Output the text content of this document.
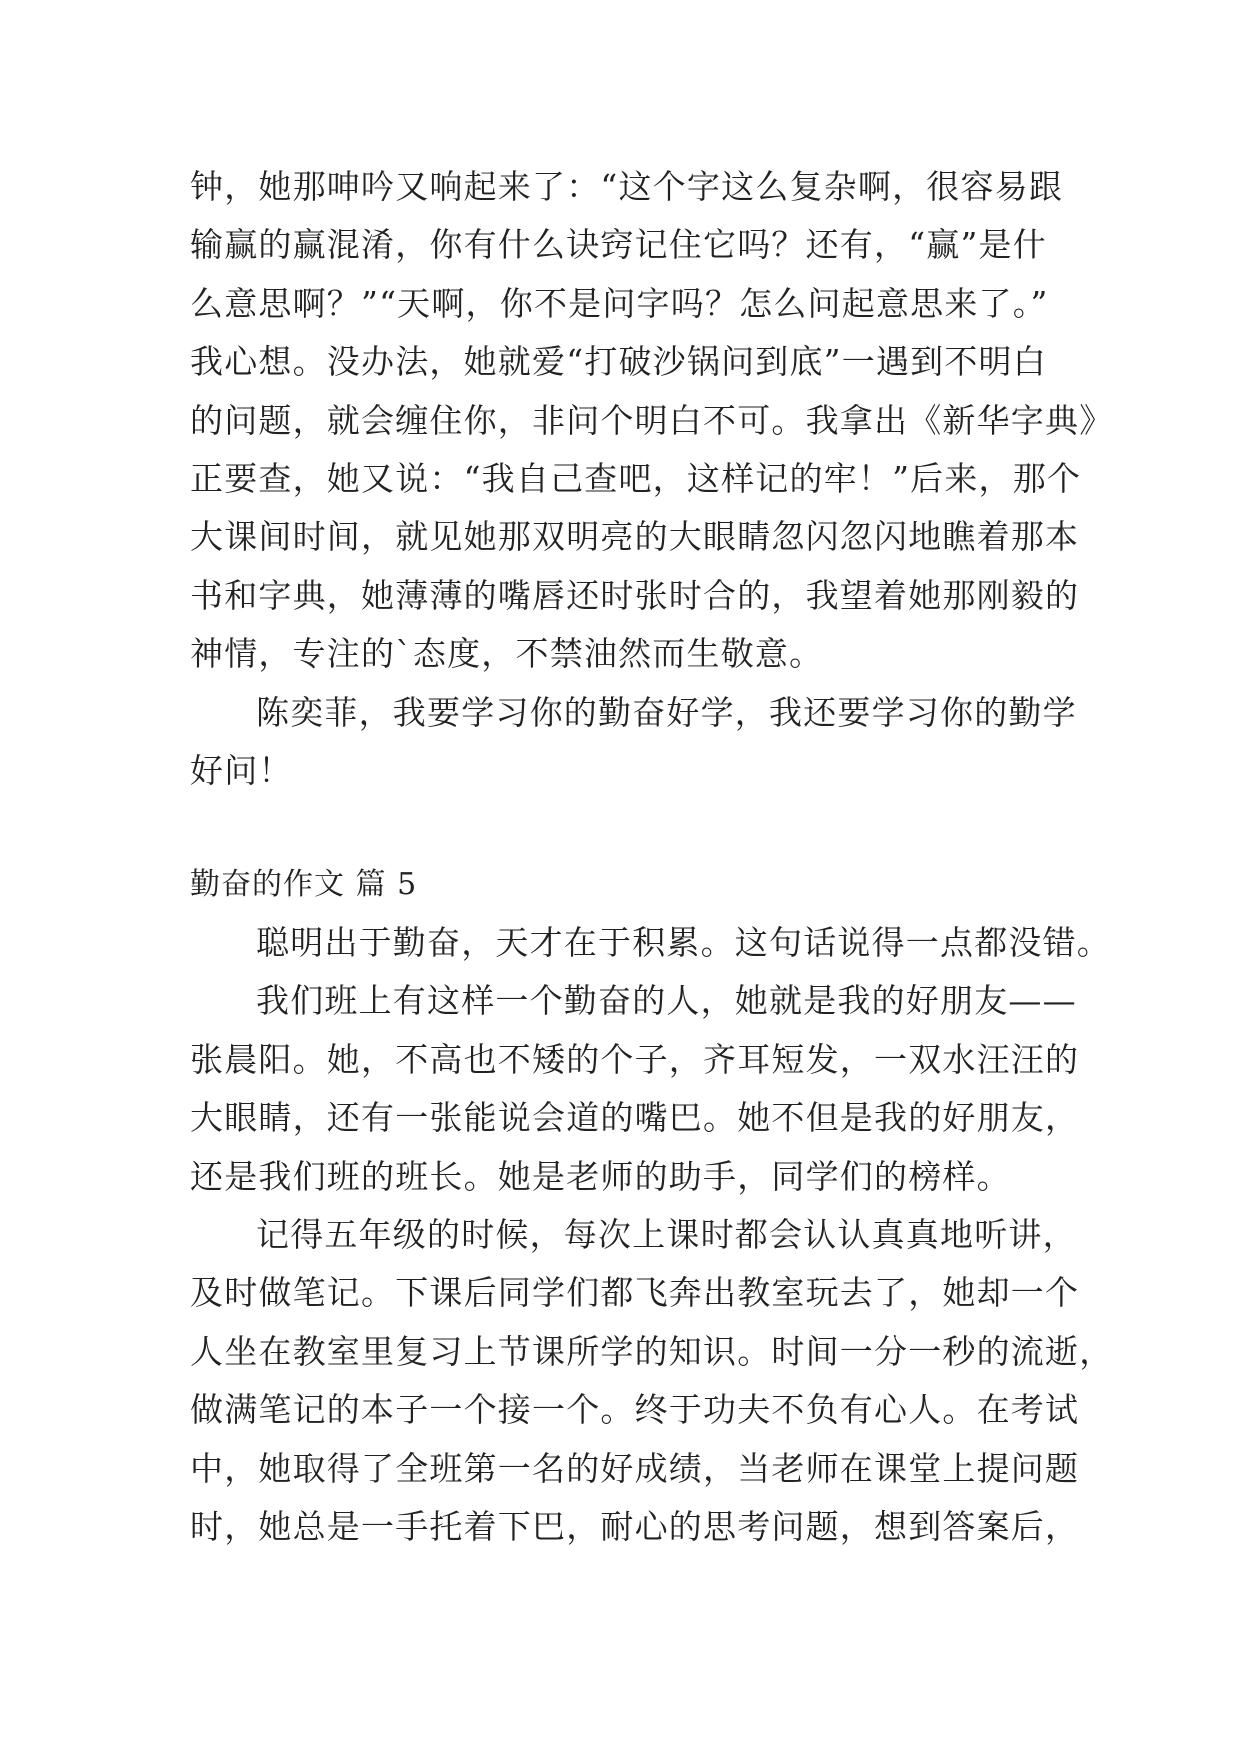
钟，她那呻吟又响起来了：“这个字这么复杂啊，很容易跟
输赢的赢混淆，你有什么诀窍记住它吗？还有，“赢”是什
么意思啊？”“天啊，你不是问字吗？怎么问起意思来了。”
我心想。没办法，她就爱“打破沙锅问到底”一遇到不明白
的问题，就会缠住你，非问个明白不可。我拿出《新华字典》
正要查，她又说：“我自己查吧，这样记的牢！”后来，那个
大课间时间，就见她那双明亮的大眼睛忽闪忽闪地瞧着那本
书和字典，她薄薄的嘴唇还时张时合的，我望着她那刚毅的
神情，专注的`态度，不禁油然而生敬意。
陈奕菲，我要学习你的勤奋好学，我还要学习你的勤学
好问！
勤奋的作文 篇 5
聪明出于勤奋，天才在于积累。这句话说得一点都没错。
我们班上有这样一个勤奋的人，她就是我的好朋友——
张晨阳。她，不高也不矮的个子，齐耳短发，一双水汪汪的
大眼睛，还有一张能说会道的嘴巴。她不但是我的好朋友，
还是我们班的班长。她是老师的助手，同学们的榜样。
记得五年级的时候，每次上课时都会认认真真地听讲，
及时做笔记。下课后同学们都飞奔出教室玩去了，她却一个
人坐在教室里复习上节课所学的知识。时间一分一秒的流逝，
做满笔记的本子一个接一个。终于功夫不负有心人。在考试
中，她取得了全班第一名的好成绩，当老师在课堂上提问题
时，她总是一手托着下巴，耐心的思考问题，想到答案后，
